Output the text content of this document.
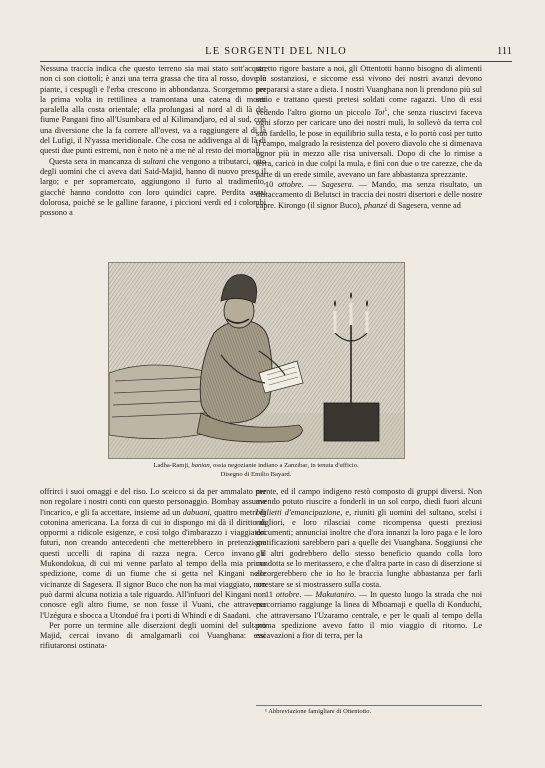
LE SORGENTI DEL NILO	111

Nessuna traccia indica che questo terreno sia mai stato sott'acqua; non ci son ciottoli; è anzi una terra grassa che tira al rosso, dove le piante, i cespugli e l'erba crescono in abbondanza. Scorgemmo per la prima volta in rettilinea a tramontana una catena di monti paralella alla costa orientale; ella prolungasi al nord al di là del fiume Pangani fino all'Usumbara ed al Kilimandjaro, ed al sud, con una diversione che la fa correre all'ovest, va a raggiungere al di là del Lufigi, il N'yassa meridionale. Che cosa ne addivenga al di là di questi due punti estremi, non è noto nè a me nè al resto dei mortali.

Questa sera in mancanza di sultani che vengono a tributarci, otto degli uomini che ci aveva dati Said-Majid, hanno di nuovo preso il largo; e per sopramercato, aggiungono il furto al tradimento, giacchè hanno condotto con loro quindici capre. Perdita assai dolorosa, poichè se le galline faraone, i piccioni verdi ed i colombi possono a

stretto rigore bastare a noi, gli Ottentotti hanno bisogno di alimenti più sostanziosi, e siccome essi vivono dei nostri avanzi devono prepararsi a stare a dieta. I nostri Vuanghana non li prendono più sul serio e trattano questi pretesi soldati come ragazzi. Uno di essi vedendo l'altro giorno un piccolo Tot$^1$, che senza riuscirvi faceva ogni sforzo per caricare uno dei nostri muli, lo sollevò da terra col suo fardello, le pose in equilibrio sulla testa, e lo portò così per tutto il campo, malgrado la resistenza del povero diavolo che si dimenava ognor più in mezzo alle risa universali. Dopo di che lo rimise a terra, caricò in due colpi la mula, e finì con due o tre carezze, che da parte di un erede simile, avevano un fare abbastanza sprezzante.

10 ottobre. — Sagesera. — Mando, ma senza risultato, un distaccamento di Belutsci in traccia dei nostri disertori e delle nostre capre. Kirongo (il signor Buco), phanzé di Sagesera, venne ad

Ladha-Ramji, banian, ossia negoziante indiano a Zanzibar, in tenuta d'ufficio.
Disegno di Emilio Bayard.

offrirci i suoi omaggi e del riso. Lo sceicco si da per ammalato per non regolare i nostri conti con questo personaggio. Bombay assume l'incarico, e gli fa accettare, insieme ad un dabuani, quattro metri di cotonina americana. La forza di cui io dispongo mi dà il diritto di oppormi a ridicole esigenze, e così tolgo d'imbarazzo i viaggiatori futuri, non creando antecedenti che metterebbero in pretenzione questi uccelli di rapina di razza negra. Cerco invano il Mukondokua, di cui mi venne parlato al tempo della mia prima spedizione, come di un fiume che si getta nel Kingani nelle vicinanze di Sagesera. Il signor Buco che non ha mai viaggiato, non può darmi alcuna notizia a tale riguardo. All'infuori del Kingani non conosce egli altro fiume, se non fosse il Vuani, che attraversa l'Uzégura e sbocca a Utondué fra i porti di Whindi e di Saadani.

Per porre un termine alle diserzioni degli uomini del sultano Majid, cercai invano di amalgamarli coi Vuanghana: essi rifiutaronsi ostinata-

mente, ed il campo indigeno restò composto di gruppi diversi. Non avendo potuto riuscire a fonderli in un sol corpo, diedi fuori alcuni biglietti d'emancipazione, e, riuniti gli uomini del sultano, scelsi i migliori, e loro rilasciai come ricompensa questi preziosi documenti; annunciai inoltre che d'ora innanzi la loro paga e le loro gratificazioni sarebbero pari a quelle dei Vuanghana. Soggiunsi che gli altri godrebbero dello stesso beneficio quando colla loro condotta se lo meritassero, e che d'altra parte in caso di diserzione si accorgerebbero che io ho le braccia lunghe abbastanza per farli arrestare se si mostrassero sulla costa.

11 ottobre. — Makutaniro. — In questo luogo la strada che noi percorriamo raggiunge la linea di Mboamaji e quella di Konduchi, che attraversano l'Uzaramo centrale, e per le quali al tempo della prima spedizione avevo fatto il mio viaggio di ritorno. Le escavazioni a fior di terra, per la

¹ Abbreviazione famigliare di Ottentotto.
